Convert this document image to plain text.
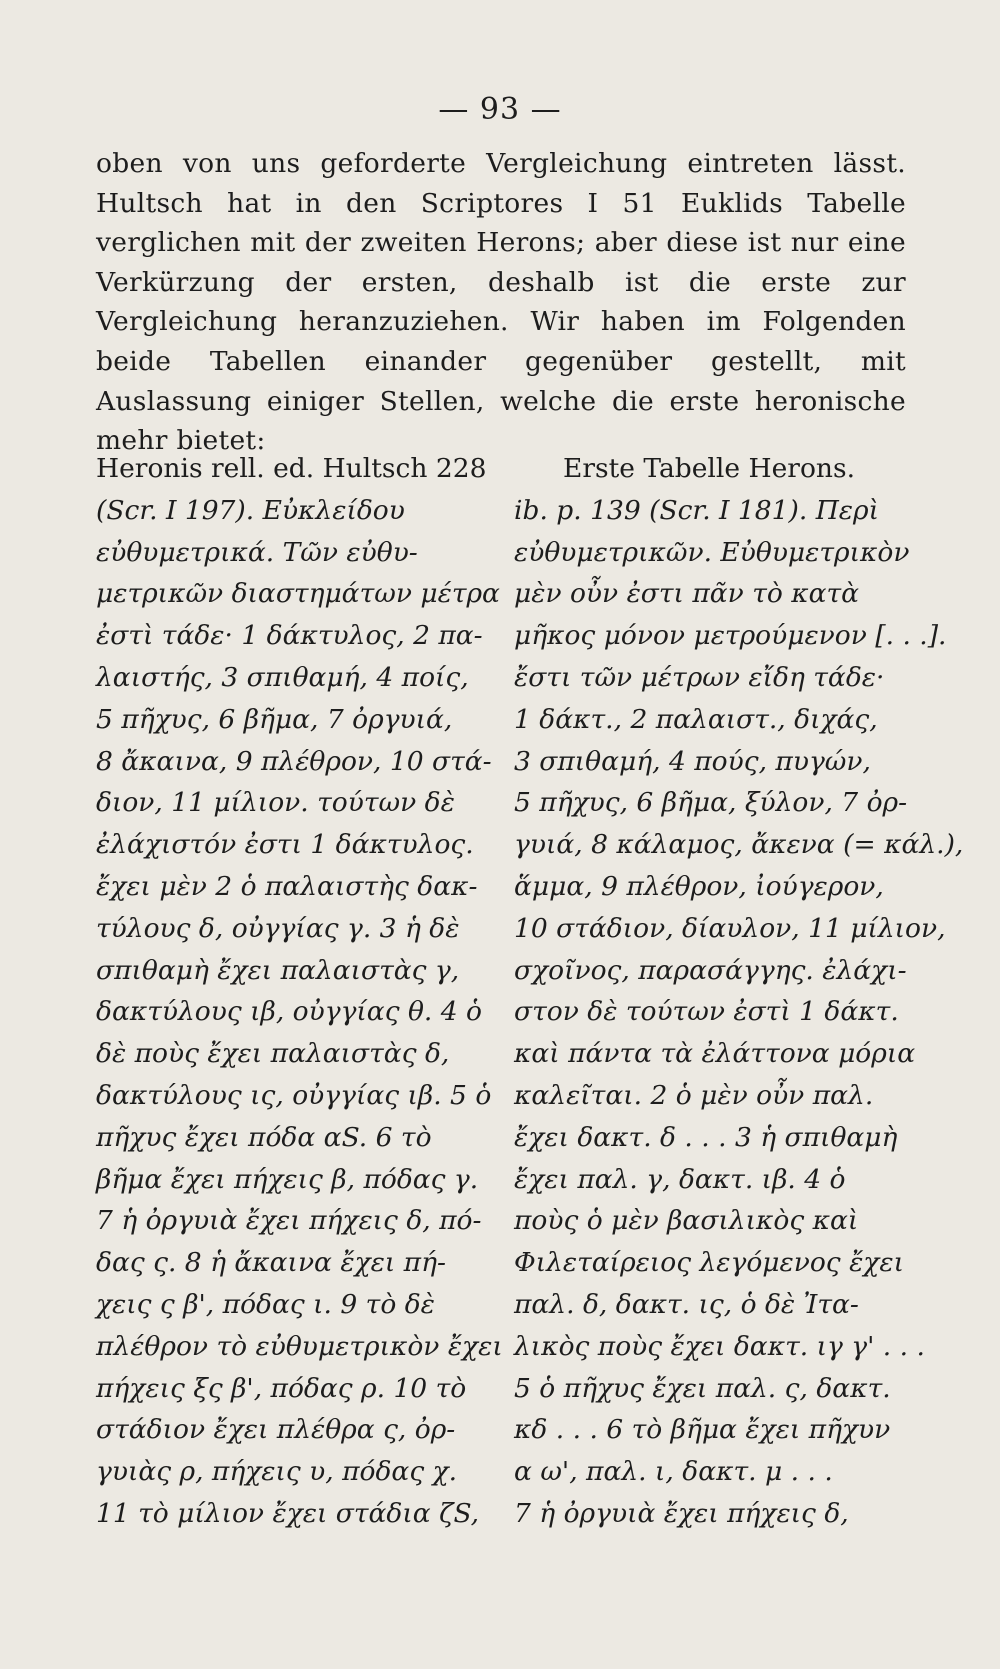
— 93 —

oben von uns geforderte Vergleichung eintreten lässt. Hultsch hat in den Scriptores I 51 Euklids Tabelle verglichen mit der zweiten Herons; aber diese ist nur eine Verkürzung der ersten, deshalb ist die erste zur Vergleichung heranzuziehen. Wir haben im Folgenden beide Tabellen einander gegenüber gestellt, mit Auslassung einiger Stellen, welche die erste heronische mehr bietet:

Heronis rell. ed. Hultsch 228
(Scr. I 197). Εὐκλείδου
εὐθυμετρικά. Τῶν εὐθυ-
μετρικῶν διαστημάτων μέτρα
ἐστὶ τάδε· 1 δάκτυλος, 2 πα-
λαιστής, 3 σπιθαμή, 4 ποίς,
5 πῆχυς, 6 βῆμα, 7 ὀργυιά,
8 ἄκαινα, 9 πλέθρον, 10 στά-
διον, 11 μίλιον. τούτων δὲ
ἐλάχιστόν ἐστι 1 δάκτυλος.
ἔχει μὲν 2 ὁ παλαιστὴς δακ-
τύλους δ, οὐγγίας γ. 3 ἡ δὲ
σπιθαμὴ ἔχει παλαιστὰς γ,
δακτύλους ιβ, οὐγγίας θ. 4 ὁ
δὲ ποὺς ἔχει παλαιστὰς δ,
δακτύλους ις, οὐγγίας ιβ. 5 ὁ
πῆχυς ἔχει πόδα αS. 6 τὸ
βῆμα ἔχει πήχεις β, πόδας γ.
7 ἡ ὀργυιὰ ἔχει πήχεις δ, πό-
δας ς. 8 ἡ ἄκαινα ἔχει πή-
χεις ς β', πόδας ι. 9 τὸ δὲ
πλέθρον τὸ εὐθυμετρικὸν ἔχει
πήχεις ξς β', πόδας ρ. 10 τὸ
στάδιον ἔχει πλέθρα ς, ὀρ-
γυιὰς ρ, πήχεις υ, πόδας χ.
11 τὸ μίλιον ἔχει στάδια ζS,
Erste Tabelle Herons.
ib. p. 139 (Scr. I 181). Περὶ
εὐθυμετρικῶν. Εὐθυμετρικὸν
μὲν οὖν ἐστι πᾶν τὸ κατὰ
μῆκος μόνον μετρούμενον [. . .].
ἔστι τῶν μέτρων εἴδη τάδε·
1 δάκτ., 2 παλαιστ., διχάς,
3 σπιθαμή, 4 πούς, πυγών,
5 πῆχυς, 6 βῆμα, ξύλον, 7 ὀρ-
γυιά, 8 κάλαμος, ἄκενα (= κάλ.),
ἅμμα, 9 πλέθρον, ἰούγερον,
10 στάδιον, δίαυλον, 11 μίλιον,
σχοῖνος, παρασάγγης. ἐλάχι-
στον δὲ τούτων ἐστὶ 1 δάκτ.
καὶ πάντα τὰ ἐλάττονα μόρια
καλεῖται. 2 ὁ μὲν οὖν παλ.
ἔχει δακτ. δ . . . 3 ἡ σπιθαμὴ
ἔχει παλ. γ, δακτ. ιβ. 4 ὁ
ποὺς ὁ μὲν βασιλικὸς καὶ
Φιλεταίρειος λεγόμενος ἔχει
παλ. δ, δακτ. ις, ὁ δὲ Ἰτα-
λικὸς ποὺς ἔχει δακτ. ιγ γ' . . .
5 ὁ πῆχυς ἔχει παλ. ς, δακτ.
κδ . . . 6 τὸ βῆμα ἔχει πῆχυν
α ω', παλ. ι, δακτ. μ . . .
7 ἡ ὀργυιὰ ἔχει πήχεις δ,
